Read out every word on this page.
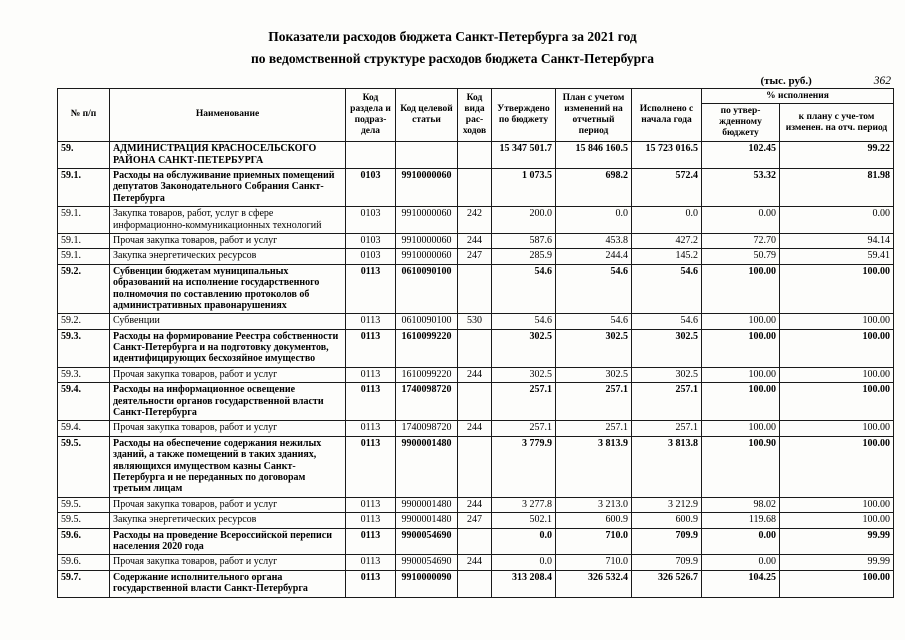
Показатели расходов бюджета Санкт-Петербурга за 2021 год
по ведомственной структуре расходов бюджета Санкт-Петербурга
(тыс. руб.)	362
№ п/п	Наименование	Код раздела и подраз-дела	Код целевой статьи	Код вида рас-ходов	Утверждено по бюджету	План с учетом изменений на отчетный период	Исполнено с начала года	% исполнения	
								по утвер-жденному бюджету	к плану с уче-том изменен. на отч. период
59.	АДМИНИСТРАЦИЯ КРАСНОСЕЛЬСКОГО РАЙОНА САНКТ-ПЕТЕРБУРГА				15 347 501.7	15 846 160.5	15 723 016.5	102.45	99.22
59.1.	Расходы на обслуживание приемных помещений депутатов Законодательного Собрания Санкт-Петербурга	0103	9910000060		1 073.5	698.2	572.4	53.32	81.98
59.1.	Закупка товаров, работ, услуг в сфере информационно-коммуникационных технологий	0103	9910000060	242	200.0	0.0	0.0	0.00	0.00
59.1.	Прочая закупка товаров, работ и услуг	0103	9910000060	244	587.6	453.8	427.2	72.70	94.14
59.1.	Закупка энергетических ресурсов	0103	9910000060	247	285.9	244.4	145.2	50.79	59.41
59.2.	Субвенции бюджетам муниципальных образований на исполнение государственного полномочия по составлению протоколов об административных правонарушениях	0113	0610090100		54.6	54.6	54.6	100.00	100.00
59.2.	Субвенции	0113	0610090100	530	54.6	54.6	54.6	100.00	100.00
59.3.	Расходы на формирование Реестра собственности Санкт-Петербурга и на подготовку документов, идентифицирующих бесхозяйное имущество	0113	1610099220		302.5	302.5	302.5	100.00	100.00
59.3.	Прочая закупка товаров, работ и услуг	0113	1610099220	244	302.5	302.5	302.5	100.00	100.00
59.4.	Расходы на информационное освещение деятельности органов государственной власти Санкт-Петербурга	0113	1740098720		257.1	257.1	257.1	100.00	100.00
59.4.	Прочая закупка товаров, работ и услуг	0113	1740098720	244	257.1	257.1	257.1	100.00	100.00
59.5.	Расходы на обеспечение содержания нежилых зданий, а также помещений в таких зданиях, являющихся имуществом казны Санкт-Петербурга и не переданных по договорам третьим лицам	0113	9900001480		3 779.9	3 813.9	3 813.8	100.90	100.00
59.5.	Прочая закупка товаров, работ и услуг	0113	9900001480	244	3 277.8	3 213.0	3 212.9	98.02	100.00
59.5.	Закупка энергетических ресурсов	0113	9900001480	247	502.1	600.9	600.9	119.68	100.00
59.6.	Расходы на проведение Всероссийской переписи населения 2020 года	0113	9900054690		0.0	710.0	709.9	0.00	99.99
59.6.	Прочая закупка товаров, работ и услуг	0113	9900054690	244	0.0	710.0	709.9	0.00	99.99
59.7.	Содержание исполнительного органа государственной власти Санкт-Петербурга	0113	9910000090		313 208.4	326 532.4	326 526.7	104.25	100.00
